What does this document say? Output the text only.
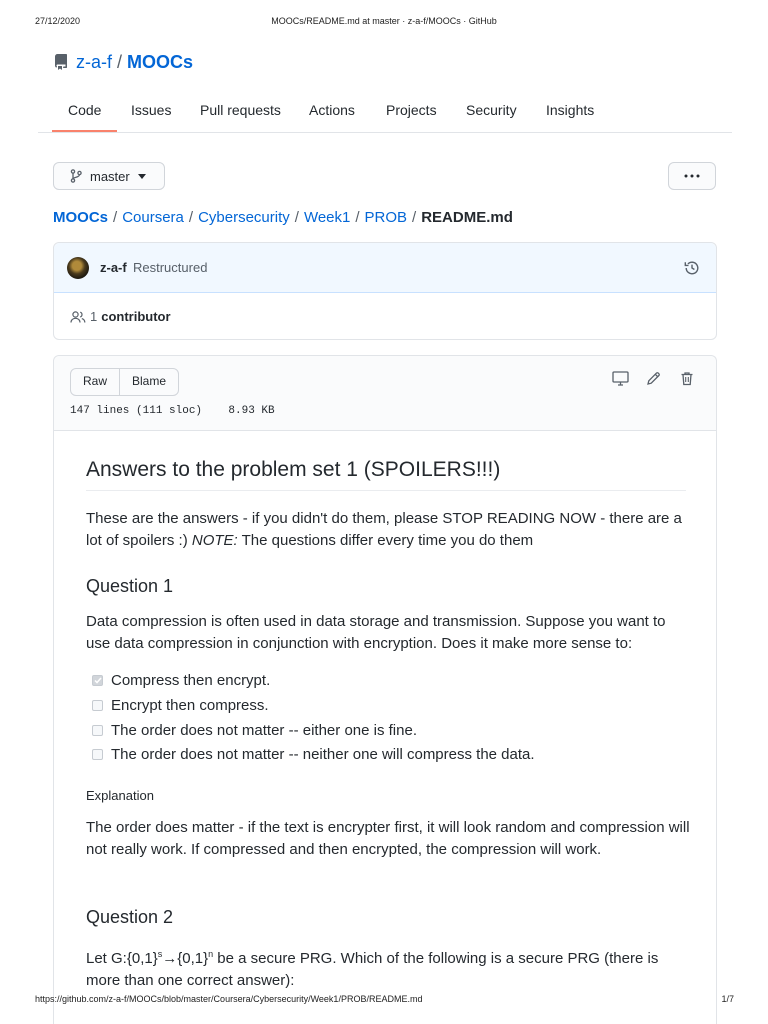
27/12/2020	MOOCs/README.md at master · z-a-f/MOOCs · GitHub
z-a-f / MOOCs
Code Issues Pull requests Actions Projects Security Insights
master
MOOCs / Coursera / Cybersecurity / Week1 / PROB / README.md
z-a-f Restructured
1 contributor
Raw	Blame
147 lines (111 sloc)    8.93 KB
Answers to the problem set 1 (SPOILERS!!!)
These are the answers - if you didn't do them, please STOP READING NOW - there are a lot of spoilers :) NOTE: The questions differ every time you do them
Question 1
Data compression is often used in data storage and transmission. Suppose you want to use data compression in conjunction with encryption. Does it make more sense to:
Compress then encrypt.
Encrypt then compress.
The order does not matter -- either one is fine.
The order does not matter -- neither one will compress the data.
Explanation
The order does matter - if the text is encrypter first, it will look random and compression will not really work. If compressed and then encrypted, the compression will work.
Question 2
Let $G:\{0,1\}^s\to\{0,1\}^n$ be a secure PRG. Which of the following is a secure PRG (there is more than one correct answer):
https://github.com/z-a-f/MOOCs/blob/master/Coursera/Cybersecurity/Week1/PROB/README.md	1/7
